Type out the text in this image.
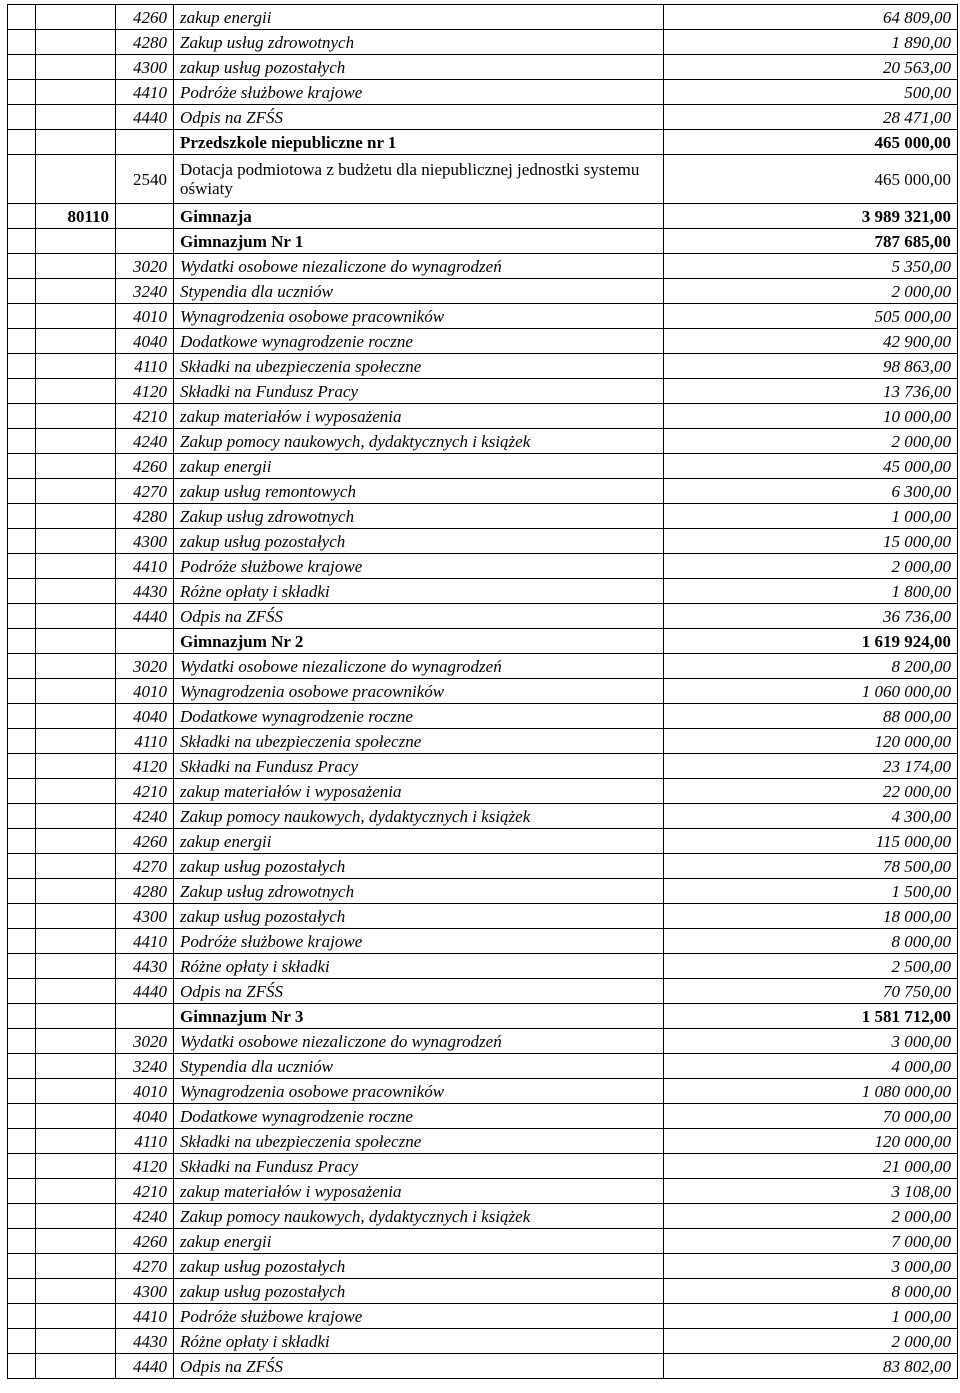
		4260	zakup energii	64 809,00
		4280	Zakup usług zdrowotnych	1 890,00
		4300	zakup usług pozostałych	20 563,00
		4410	Podróże służbowe krajowe	500,00
		4440	Odpis na ZFŚS	28 471,00
			Przedszkole niepubliczne nr 1	465 000,00
		2540	Dotacja podmiotowa z budżetu dla niepublicznej jednostki systemu oświaty	465 000,00
	80110		Gimnazja	3 989 321,00
			Gimnazjum Nr 1	787 685,00
		3020	Wydatki osobowe niezaliczone do wynagrodzeń	5 350,00
		3240	Stypendia dla uczniów	2 000,00
		4010	Wynagrodzenia osobowe pracowników	505 000,00
		4040	Dodatkowe wynagrodzenie roczne	42 900,00
		4110	Składki na ubezpieczenia społeczne	98 863,00
		4120	Składki na Fundusz Pracy	13 736,00
		4210	zakup materiałów i wyposażenia	10 000,00
		4240	Zakup pomocy naukowych, dydaktycznych i książek	2 000,00
		4260	zakup energii	45 000,00
		4270	zakup usług remontowych	6 300,00
		4280	Zakup usług zdrowotnych	1 000,00
		4300	zakup usług pozostałych	15 000,00
		4410	Podróże służbowe krajowe	2 000,00
		4430	Różne opłaty i składki	1 800,00
		4440	Odpis na ZFŚS	36 736,00
			Gimnazjum Nr 2	1 619 924,00
		3020	Wydatki osobowe niezaliczone do wynagrodzeń	8 200,00
		4010	Wynagrodzenia osobowe pracowników	1 060 000,00
		4040	Dodatkowe wynagrodzenie roczne	88 000,00
		4110	Składki na ubezpieczenia społeczne	120 000,00
		4120	Składki na Fundusz Pracy	23 174,00
		4210	zakup materiałów i wyposażenia	22 000,00
		4240	Zakup pomocy naukowych, dydaktycznych i książek	4 300,00
		4260	zakup energii	115 000,00
		4270	zakup usług pozostałych	78 500,00
		4280	Zakup usług zdrowotnych	1 500,00
		4300	zakup usług pozostałych	18 000,00
		4410	Podróże służbowe krajowe	8 000,00
		4430	Różne opłaty i składki	2 500,00
		4440	Odpis na ZFŚS	70 750,00
			Gimnazjum Nr 3	1 581 712,00
		3020	Wydatki osobowe niezaliczone do wynagrodzeń	3 000,00
		3240	Stypendia dla uczniów	4 000,00
		4010	Wynagrodzenia osobowe pracowników	1 080 000,00
		4040	Dodatkowe wynagrodzenie roczne	70 000,00
		4110	Składki na ubezpieczenia społeczne	120 000,00
		4120	Składki na Fundusz Pracy	21 000,00
		4210	zakup materiałów i wyposażenia	3 108,00
		4240	Zakup pomocy naukowych, dydaktycznych i książek	2 000,00
		4260	zakup energii	7 000,00
		4270	zakup usług pozostałych	3 000,00
		4300	zakup usług pozostałych	8 000,00
		4410	Podróże służbowe krajowe	1 000,00
		4430	Różne opłaty i składki	2 000,00
		4440	Odpis na ZFŚS	83 802,00
